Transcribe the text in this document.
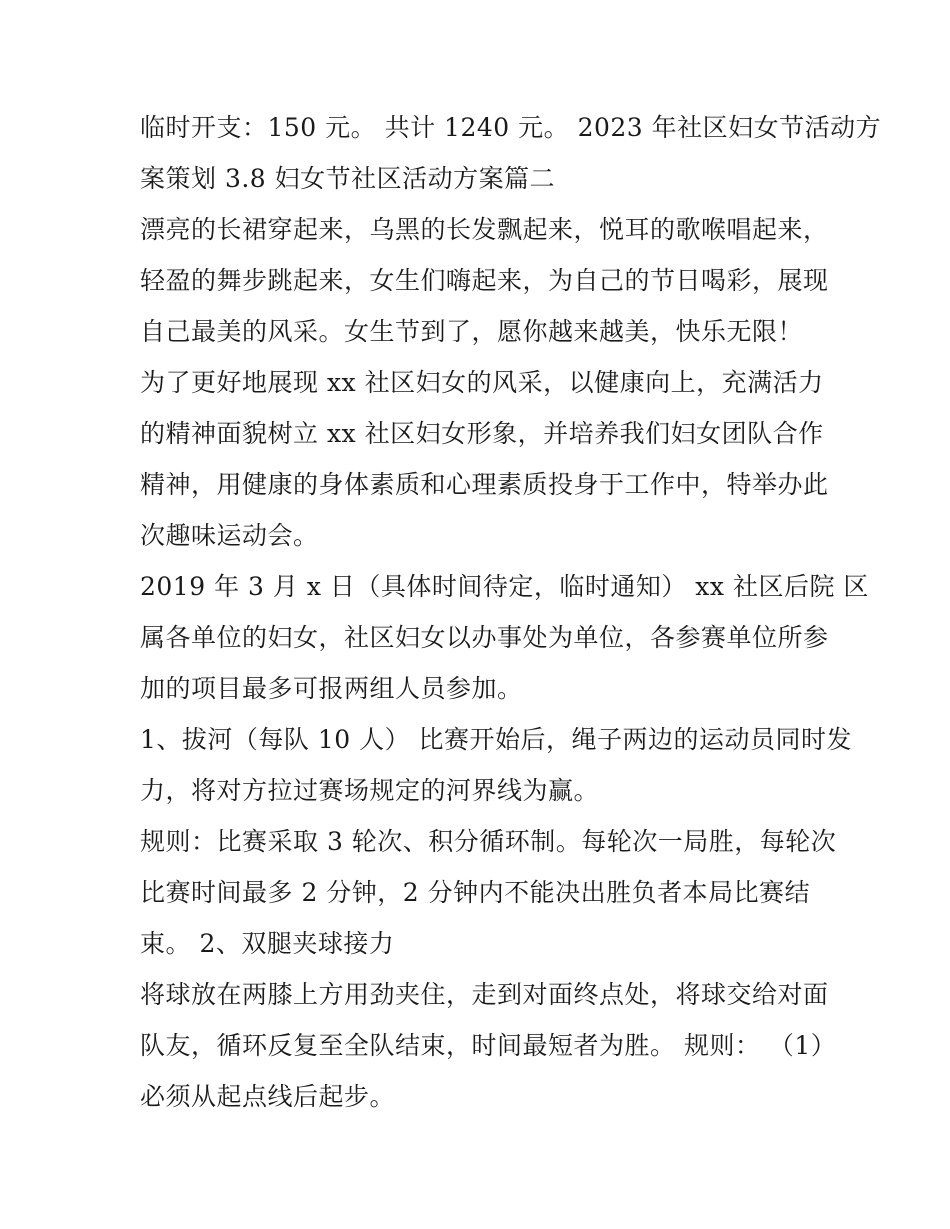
临时开支：150 元。 共计 1240 元。 2023 年社区妇女节活动方
案策划 3.8 妇女节社区活动方案篇二
漂亮的长裙穿起来，乌黑的长发飘起来，悦耳的歌喉唱起来，
轻盈的舞步跳起来，女生们嗨起来，为自己的节日喝彩，展现
自己最美的风采。女生节到了，愿你越来越美，快乐无限！
为了更好地展现 xx 社区妇女的风采，以健康向上，充满活力
的精神面貌树立 xx 社区妇女形象，并培养我们妇女团队合作
精神，用健康的身体素质和心理素质投身于工作中，特举办此
次趣味运动会。
2019 年 3 月 x 日（具体时间待定，临时通知） xx 社区后院 区
属各单位的妇女，社区妇女以办事处为单位，各参赛单位所参
加的项目最多可报两组人员参加。
1、拔河（每队 10 人） 比赛开始后，绳子两边的运动员同时发
力，将对方拉过赛场规定的河界线为赢。
规则：比赛采取 3 轮次、积分循环制。每轮次一局胜，每轮次
比赛时间最多 2 分钟，2 分钟内不能决出胜负者本局比赛结
束。 2、双腿夹球接力
将球放在两膝上方用劲夹住，走到对面终点处，将球交给对面
队友，循环反复至全队结束，时间最短者为胜。 规则： （1）
必须从起点线后起步。
